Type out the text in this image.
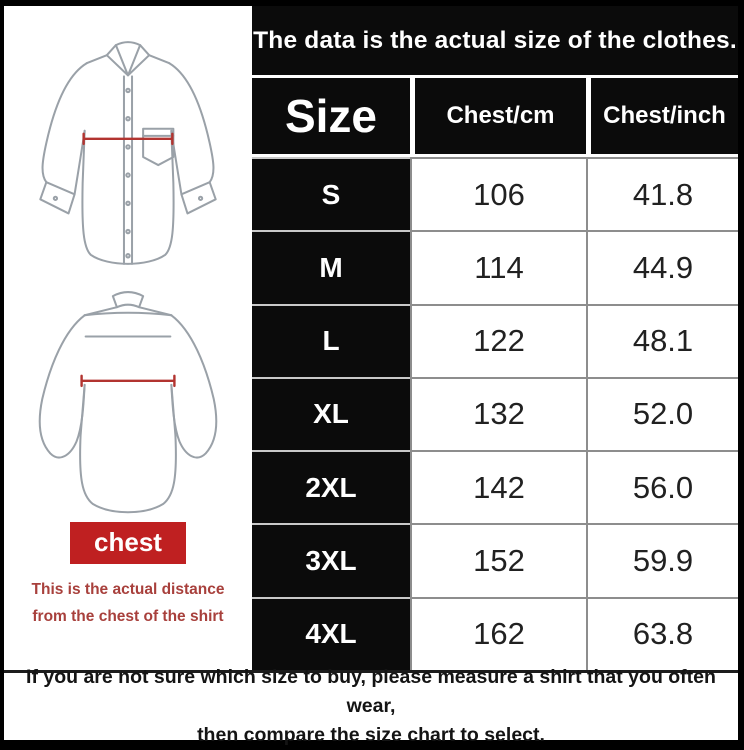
chest
This is the actual distance
from the chest of the shirt
The data is the actual size of the clothes.
Size	Chest/cm	Chest/inch
S	106	41.8
M	114	44.9
L	122	48.1
XL	132	52.0
2XL	142	56.0
3XL	152	59.9
4XL	162	63.8
If you are not sure which size to buy, please measure a shirt that you often wear,
then compare the size chart to select.
